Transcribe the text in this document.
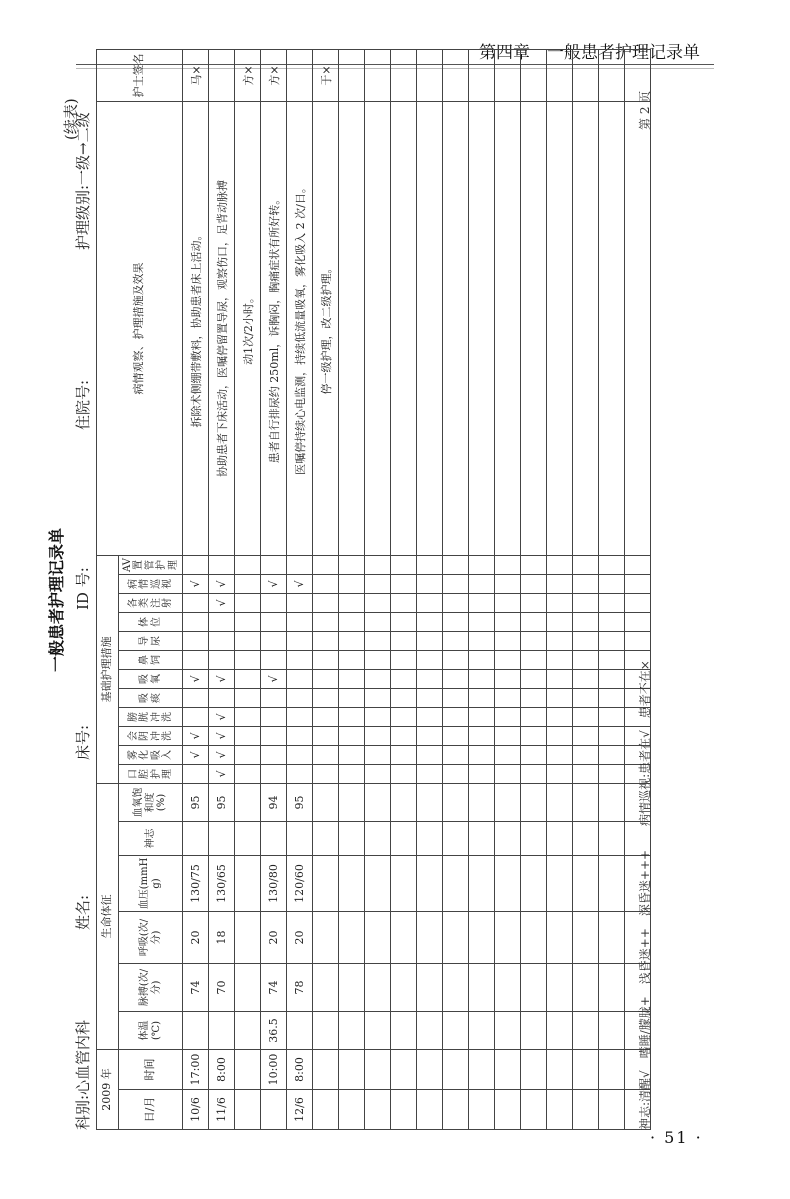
第四章　一般患者护理记录单
一般患者护理记录单
(续表)
科别:心血管内科
姓名:
床号:
ID 号:
住院号:
护理级别:一级→二级
2009 年		生命体征						基础护理措施												病情观察、护理措施及效果	护士签名
日/月	时间	体温(℃)	脉搏(次/分)	呼吸(次/分)	血压(mmHg)	神志	血氧饱和度(%)	口腔护理	雾化吸入	会阴冲洗	膀胱冲洗	吸痰	吸氧	鼻饲	导尿	体位	各类注射	病情巡视	AV置管护理		
10/6	17:00		74	20	130/75		95		√	√			√					√		拆除术侧绷带敷料，协助患者床上活动。	马×
11/6	8:00		70	18	130/65		95	√	√	√	√		√				√	√		协助患者下床活动，医嘱停留置导尿，观察伤口，足背动脉搏	
																				动1次/2小时。	方×
	10:00	36.5	74	20	130/80		94						√					√		患者自行排尿约 250ml，诉胸闷，胸痛症状有所好转。	方×
12/6	8:00		78	20	120/60		95											√		医嘱停持续心电监测，持续低流量吸氧，雾化吸入 2 次/日。	
																				停一级护理，改二级护理。	于×

神志:清醒√　嗜睡/朦胧+　浅昏迷++　深昏迷+++　　病情巡视:患者在√　患者不在×
第 2 页
· 51 ·
